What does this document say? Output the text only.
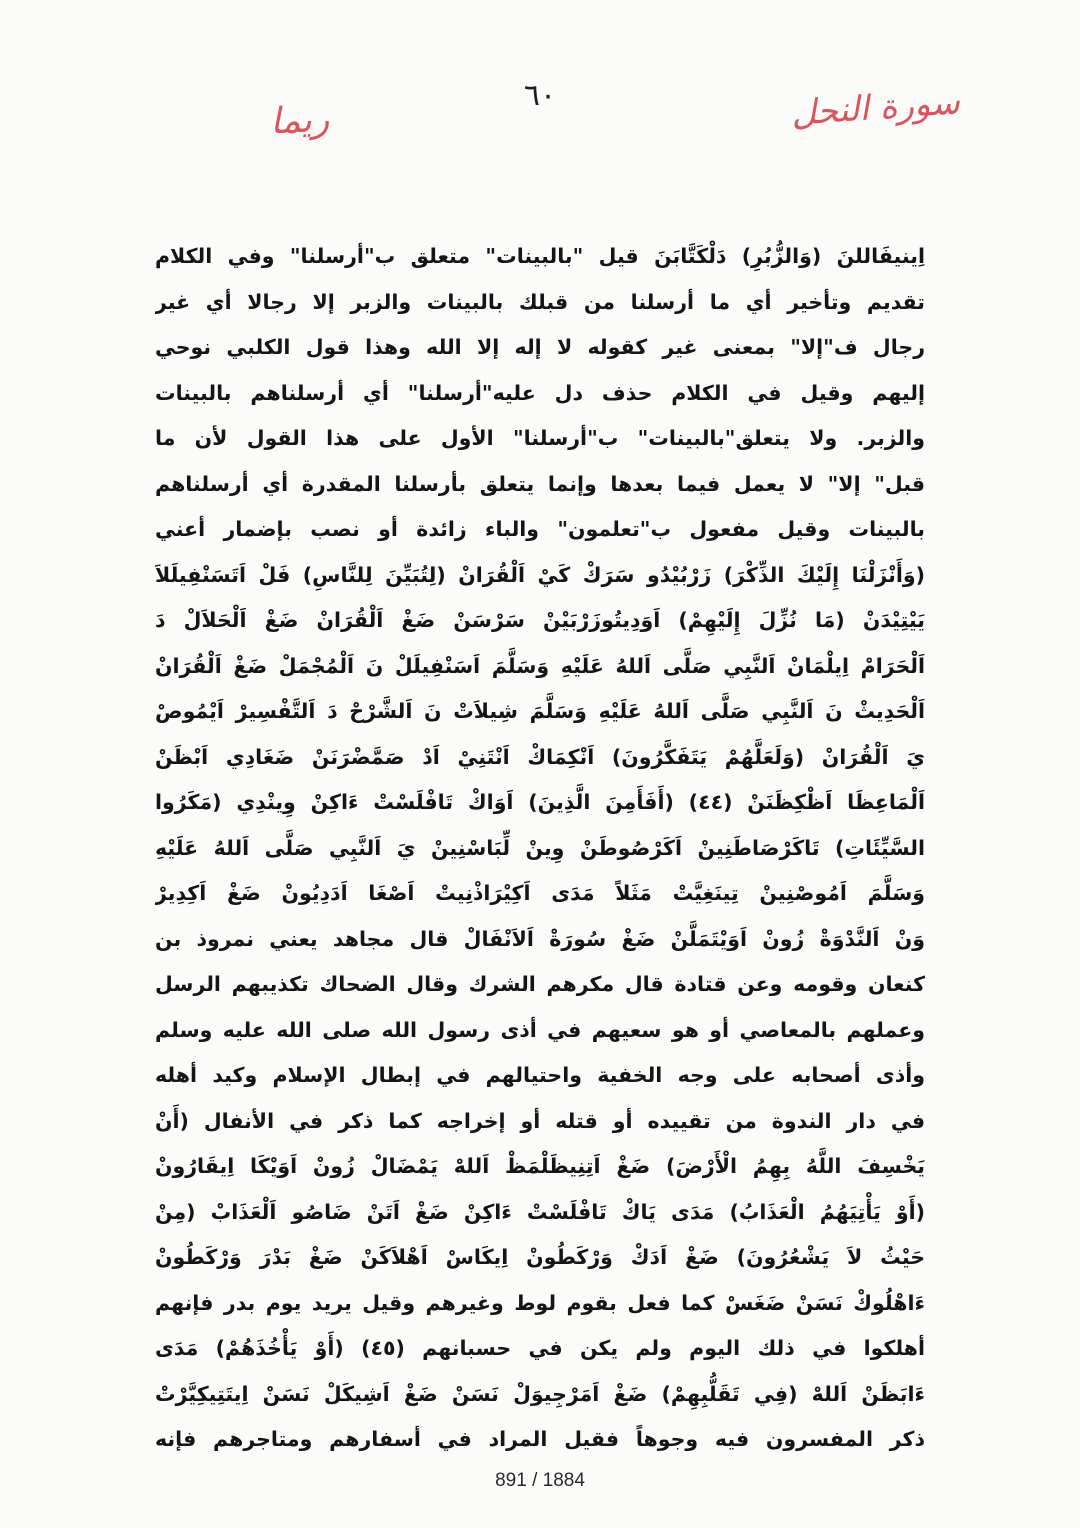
٦٠	سورة النحل
ريما
اِينيفَاللنَ (وَالزُّبُرِ) دَلْكَتَّابَنَ قيل "بالبينات" متعلق ب"أرسلنا" وفي الكلام
تقديم وتأخير أي ما أرسلنا من قبلك بالبينات والزبر إلا رجالا أي غير
رجال ف"إلا" بمعنى غير كقوله لا إله إلا الله وهذا قول الكلبي نوحي
إليهم وقيل في الكلام حذف دل عليه"أرسلنا" أي أرسلناهم بالبينات
والزبر. ولا يتعلق"بالبينات" ب"أرسلنا" الأول على هذا القول لأن ما
قبل" إلا" لا يعمل فيما بعدها وإنما يتعلق بأرسلنا المقدرة أي أرسلناهم
بالبينات وقيل مفعول ب"تعلمون" والباء زائدة أو نصب بإضمار أعني
(وَأَنْزَلْنَا إِلَيْكَ الذِّكْرَ) زَرْبُيْدُو سَرَكْ كَيْ اَلْقُرَانْ (لِتُبَيِّنَ لِلنَّاسِ) فَلْ اَتَسَنْفِيلَلاَ
يَيْتِيْدَنْ (مَا نُزِّلَ إِلَيْهِمْ) اَوَدِيتُوزَرْبَيْنْ سَرْسَنْ ضَغْ اَلْقُرَانْ ضَغْ اَلْحَلاَلْ دَ
اَلْحَرَامْ اِيلْمَانْ اَلنَّبِي صَلَّى اَللهُ عَلَيْهِ وَسَلَّمَ اَسَنْفِيلَلْ نَ اَلْمُجْمَلْ ضَغْ اَلْقُرَانْ
اَلْحَدِيثْ نَ اَلنَّبِي صَلَّى اَللهُ عَلَيْهِ وَسَلَّمَ شِيلاَتْ نَ اَلشَّرْحْ دَ اَلتَّفْسِيرْ اَيْمُوصْ
يَ اَلْقُرَانْ (وَلَعَلَّهُمْ يَتَفَكَّرُونَ) اَنْكِمَاكْ اَنْتَنِيْ اَدْ صَمَّضْرَنَنْ ضَغَادِي اَبْظَنْ
اَلْمَاعِظَا اَظْكِظَنَنْ (٤٤) (أَفَأَمِنَ الَّذِينَ) اَوَاكْ تَافْلَسْتْ ءَاكِنْ وِينْدِي (مَكَرُوا
السَّيِّئَاتِ) تَاكَرْصَاطَنِينْ اَكَرْصُوطَنْ وِينْ لِّبَاسْنِينْ يَ اَلنَّبِي صَلَّى اَللهُ عَلَيْهِ
وَسَلَّمَ اَمُوصْنِينْ تِينَغِيَّتْ مَثَلاً مَدَى اَكِيْرَاذْنِيتْ اَصْغَا اَدَدِيُونْ ضَغْ اَكِدِيرْ
وَنْ اَلنَّدْوَةْ زُونْ اَوَيْتَمَلَّنْ ضَغْ سُورَةْ اَلاَنْفَالْ قال مجاهد يعني نمروذ بن
كنعان وقومه وعن قتادة قال مكرهم الشرك وقال الضحاك تكذيبهم الرسل
وعملهم بالمعاصي أو هو سعيهم في أذى رسول الله صلى الله عليه وسلم
وأذى أصحابه على وجه الخفية واحتيالهم في إبطال الإسلام وكيد أهله
في دار الندوة من تقييده أو قتله أو إخراجه كما ذكر في الأنفال (أَنْ
يَخْسِفَ اللَّهُ بِهِمُ الْأَرْضَ) ضَغْ اَتِنِيظَلْمَظْ اَللهْ يَمْضَالْ زُونْ اَوَيْكَا اِيقَارُونْ
(أَوْ يَأْتِيَهُمُ الْعَذَابُ) مَدَى يَاكْ تَافْلَسْتْ ءَاكِنْ ضَغْ اَتَنْ ضَاصُو اَلْعَذَابْ (مِنْ
حَيْثُ لاَ يَشْعُرُونَ) ضَغْ اَدَكْ وَرْكَطُونْ اِيكَاسْ اَهْلاَكَنْ ضَغْ بَدْرَ وَرْكَطُونْ
ءَاهْلُوكْ نَسَنْ ضَغَسْ كما فعل بقوم لوط وغيرهم وقيل يريد يوم بدر فإنهم
أهلكوا في ذلك اليوم ولم يكن في حسبانهم (٤٥) (أَوْ يَأْخُذَهُمْ) مَدَى
ءَابَظَنْ اَللهْ (فِي تَقَلُّبِهِمْ) ضَغْ اَمَرْجِيوَلْ نَسَنْ ضَغْ اَشِيكَلْ نَسَنْ اِيتَتِيكِيَّرْتْ
ذكر المفسرون فيه وجوهاً فقيل المراد في أسفارهم ومتاجرهم فإنه
891 / 1884
